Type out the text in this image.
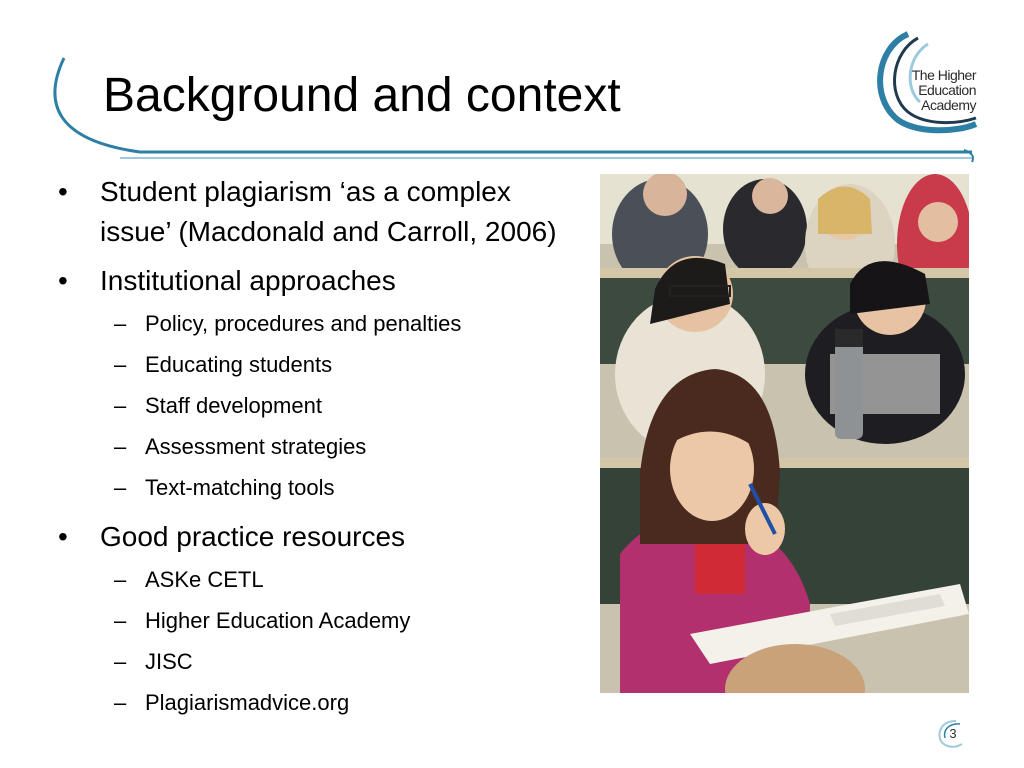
Background and context	The Higher
Education
Academy
•	Student plagiarism ‘as a complex issue’ (Macdonald and Carroll, 2006)
•	Institutional approaches
– Policy, procedures and penalties
– Educating students
– Staff development
– Assessment strategies
– Text-matching tools
•	Good practice resources
– ASKe CETL
– Higher Education Academy
– JISC
– Plagiarismadvice.org
3
